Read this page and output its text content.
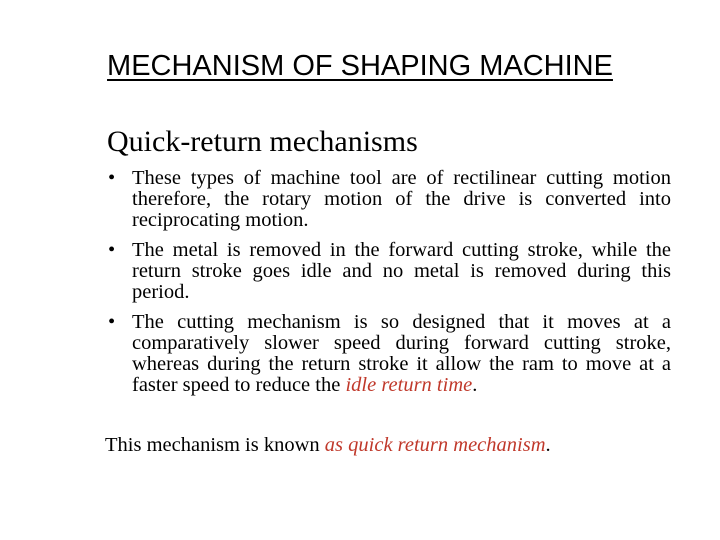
MECHANISM OF SHAPING MACHINE
Quick-return mechanisms
• These types of machine tool are of rectilinear cutting motion therefore, the rotary motion of the drive is converted into reciprocating motion.
• The metal is removed in the forward cutting stroke, while the return stroke goes idle and no metal is removed during this period.
• The cutting mechanism is so designed that it moves at a comparatively slower speed during forward cutting stroke, whereas during the return stroke it allow the ram to move at a faster speed to reduce the idle return time.
This mechanism is known as quick return mechanism.
